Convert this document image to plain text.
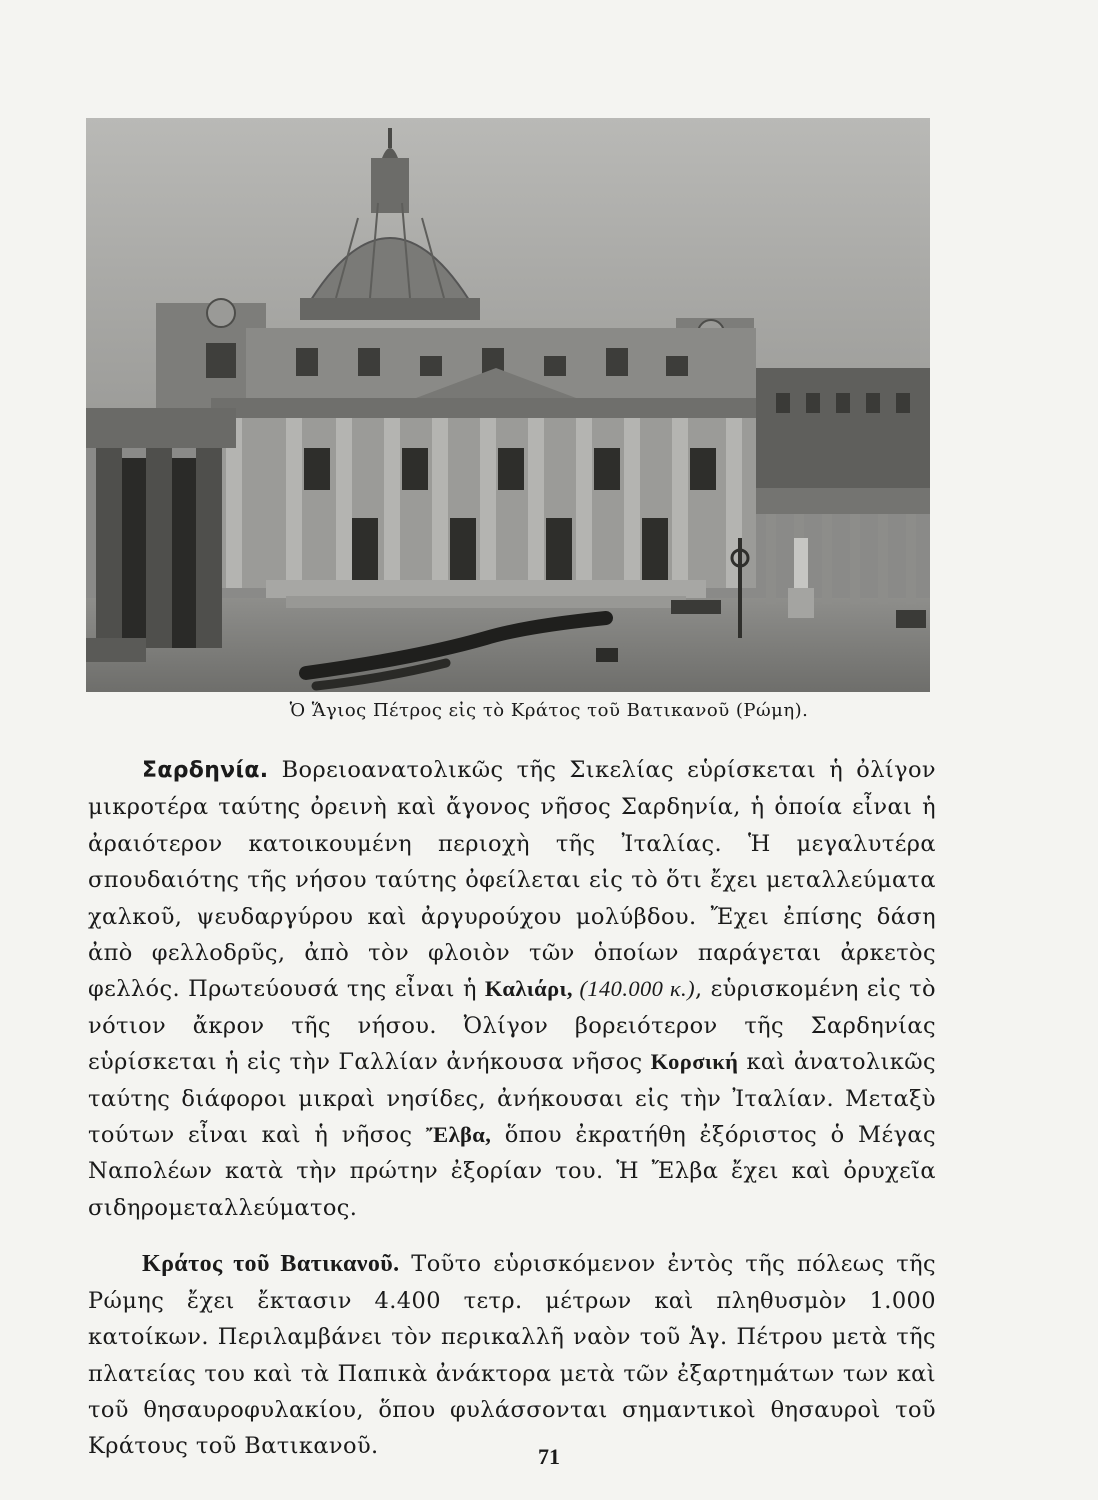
Ὁ Ἅγιος Πέτρος εἰς τὸ Κράτος τοῦ Βατικανοῦ (Ρώμη).

Σαρδηνία. Βορειοανατολικῶς τῆς Σικελίας εὑρίσκεται ἡ ὀλίγον μικροτέρα ταύτης ὀρεινὴ καὶ ἄγονος νῆσος Σαρδηνία, ἡ ὁποία εἶναι ἡ ἀραιότερον κατοικουμένη περιοχὴ τῆς Ἰταλίας. Ἡ μεγαλυτέρα σπουδαιότης τῆς νήσου ταύτης ὀφείλεται εἰς τὸ ὅτι ἔχει μεταλλεύματα χαλκοῦ, ψευδαργύρου καὶ ἀργυρούχου μολύβδου. Ἔχει ἐπίσης δάση ἀπὸ φελλοδρῦς, ἀπὸ τὸν φλοιὸν τῶν ὁποίων παράγεται ἀρκετὸς φελλός. Πρωτεύουσά της εἶναι ἡ Καλιάρι, (140.000 κ.), εὑρισκομένη εἰς τὸ νότιον ἄκρον τῆς νήσου. Ὀλίγον βορειότερον τῆς Σαρδηνίας εὑρίσκεται ἡ εἰς τὴν Γαλλίαν ἀνήκουσα νῆσος Κορσική καὶ ἀνατολικῶς ταύτης διάφοροι μικραὶ νησίδες, ἀνήκουσαι εἰς τὴν Ἰταλίαν. Μεταξὺ τούτων εἶναι καὶ ἡ νῆσος Ἔλβα, ὅπου ἐκρατήθη ἐξόριστος ὁ Μέγας Ναπολέων κατὰ τὴν πρώτην ἐξορίαν του. Ἡ Ἔλβα ἔχει καὶ ὀρυχεῖα σιδηρομεταλλεύματος.

Κράτος τοῦ Βατικανοῦ. Τοῦτο εὑρισκόμενον ἐντὸς τῆς πόλεως τῆς Ρώμης ἔχει ἔκτασιν 4.400 τετρ. μέτρων καὶ πληθυσμὸν 1.000 κατοίκων. Περιλαμβάνει τὸν περικαλλῆ ναὸν τοῦ Ἁγ. Πέτρου μετὰ τῆς πλατείας του καὶ τὰ Παπικὰ ἀνάκτορα μετὰ τῶν ἐξαρτημάτων των καὶ τοῦ θησαυροφυλακίου, ὅπου φυλάσσονται σημαντικοὶ θησαυροὶ τοῦ Κράτους τοῦ Βατικανοῦ.	71
